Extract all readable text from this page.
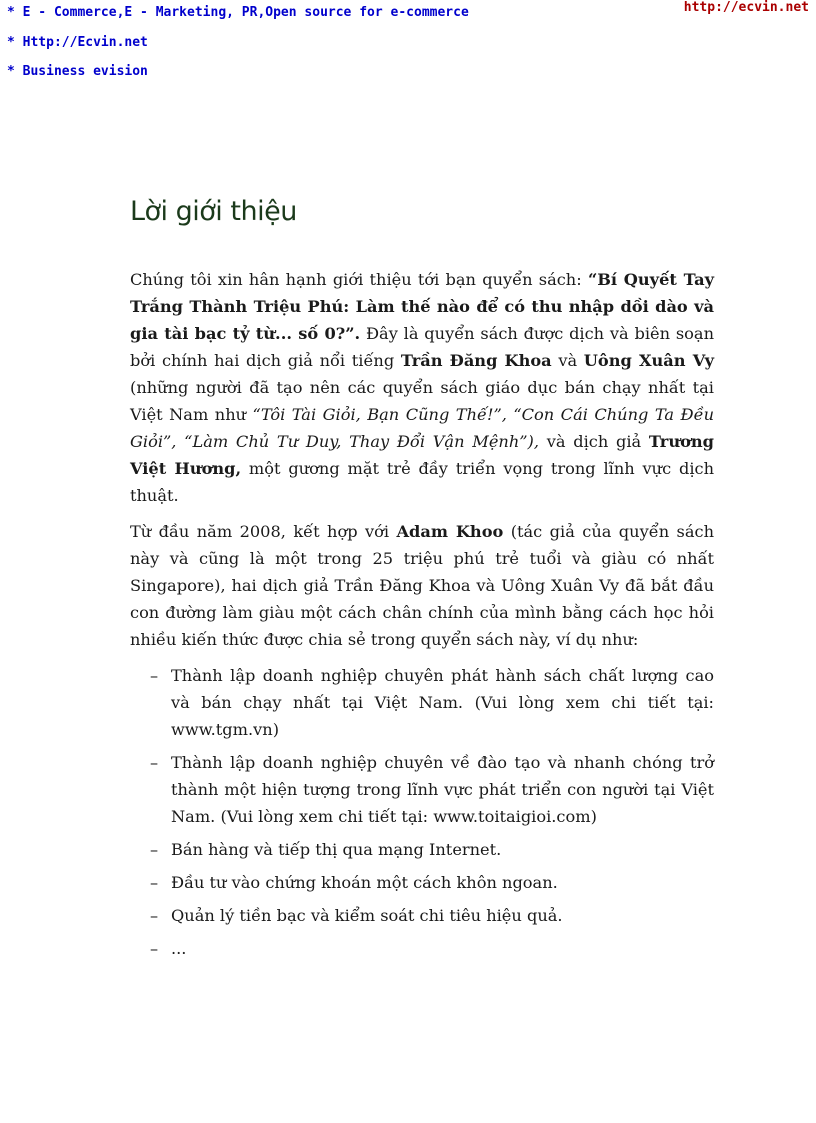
* E - Commerce,E - Marketing, PR,Open source for e-commerce
* Http://Ecvin.net
* Business evision
http://ecvin.net
Lời giới thiệu

Chúng tôi xin hân hạnh giới thiệu tới bạn quyển sách: “Bí Quyết Tay Trắng Thành Triệu Phú: Làm thế nào để có thu nhập dồi dào và gia tài bạc tỷ từ... số 0?”. Đây là quyển sách được dịch và biên soạn bởi chính hai dịch giả nổi tiếng Trần Đăng Khoa và Uông Xuân Vy (những người đã tạo nên các quyển sách giáo dục bán chạy nhất tại Việt Nam như “Tôi Tài Giỏi, Bạn Cũng Thế!”, “Con Cái Chúng Ta Đều Giỏi”, “Làm Chủ Tư Duy, Thay Đổi Vận Mệnh”), và dịch giả Trương Việt Hương, một gương mặt trẻ đầy triển vọng trong lĩnh vực dịch thuật.

Từ đầu năm 2008, kết hợp với Adam Khoo (tác giả của quyển sách này và cũng là một trong 25 triệu phú trẻ tuổi và giàu có nhất Singapore), hai dịch giả Trần Đăng Khoa và Uông Xuân Vy đã bắt đầu con đường làm giàu một cách chân chính của mình bằng cách học hỏi nhiều kiến thức được chia sẻ trong quyển sách này, ví dụ như:

– Thành lập doanh nghiệp chuyên phát hành sách chất lượng cao và bán chạy nhất tại Việt Nam. (Vui lòng xem chi tiết tại: www.tgm.vn)
– Thành lập doanh nghiệp chuyên về đào tạo và nhanh chóng trở thành một hiện tượng trong lĩnh vực phát triển con người tại Việt Nam. (Vui lòng xem chi tiết tại: www.toitaigioi.com)
– Bán hàng và tiếp thị qua mạng Internet.
– Đầu tư vào chứng khoán một cách khôn ngoan.
– Quản lý tiền bạc và kiểm soát chi tiêu hiệu quả.
– ...
